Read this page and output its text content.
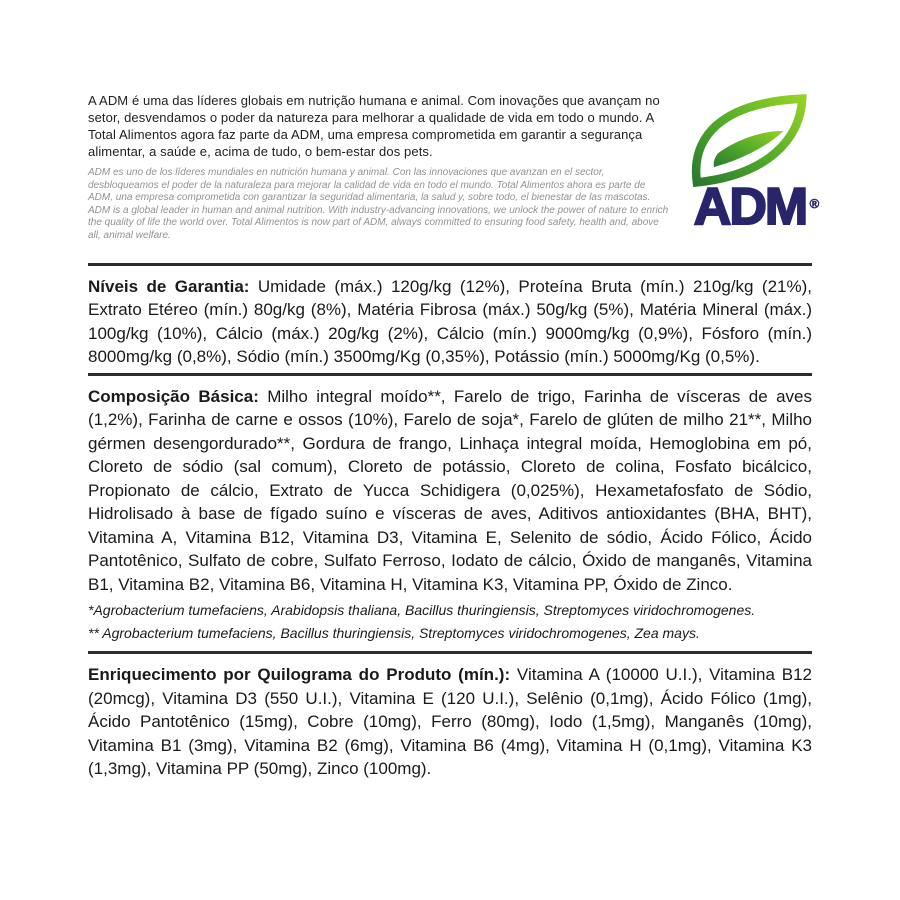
A ADM é uma das líderes globais em nutrição humana e animal. Com inovações que avançam no setor, desvendamos o poder da natureza para melhorar a qualidade de vida em todo o mundo. A Total Alimentos agora faz parte da ADM, uma empresa comprometida em garantir a segurança alimentar, a saúde e, acima de tudo, o bem-estar dos pets.

ADM es uno de los líderes mundiales en nutrición humana y animal. Con las innovaciones que avanzan en el sector, desbloqueamos el poder de la naturaleza para mejorar la calidad de vida en todo el mundo. Total Alimentos ahora es parte de ADM, una empresa comprometida con garantizar la seguridad alimentaria, la salud y, sobre todo, el bienestar de las mascotas. ADM is a global leader in human and animal nutrition. With industry-advancing innovations, we unlock the power of nature to enrich the quality of life the world over. Total Alimentos is now part of ADM, always committed to ensuring food safety, health and, above all, animal welfare.	ADM ®

Níveis de Garantia: Umidade (máx.) 120g/kg (12%), Proteína Bruta (mín.) 210g/kg (21%), Extrato Etéreo (mín.) 80g/kg (8%), Matéria Fibrosa (máx.) 50g/kg (5%), Matéria Mineral (máx.) 100g/kg (10%), Cálcio (máx.) 20g/kg (2%), Cálcio (mín.) 9000mg/kg (0,9%), Fósforo (mín.) 8000mg/kg (0,8%), Sódio (mín.) 3500mg/Kg (0,35%), Potássio (mín.) 5000mg/Kg (0,5%).

Composição Básica: Milho integral moído**, Farelo de trigo, Farinha de vísceras de aves (1,2%), Farinha de carne e ossos (10%), Farelo de soja*, Farelo de glúten de milho 21**, Milho gérmen desengordurado**, Gordura de frango, Linhaça integral moída, Hemoglobina em pó, Cloreto de sódio (sal comum), Cloreto de potássio, Cloreto de colina, Fosfato bicálcico, Propionato de cálcio, Extrato de Yucca Schidigera (0,025%), Hexametafosfato de Sódio, Hidrolisado à base de fígado suíno e vísceras de aves, Aditivos antioxidantes (BHA, BHT), Vitamina A, Vitamina B12, Vitamina D3, Vitamina E, Selenito de sódio, Ácido Fólico, Ácido Pantotênico, Sulfato de cobre, Sulfato Ferroso, Iodato de cálcio, Óxido de manganês, Vitamina B1, Vitamina B2, Vitamina B6, Vitamina H, Vitamina K3, Vitamina PP, Óxido de Zinco.

*Agrobacterium tumefaciens, Arabidopsis thaliana, Bacillus thuringiensis, Streptomyces viridochromogenes.
** Agrobacterium tumefaciens, Bacillus thuringiensis, Streptomyces viridochromogenes, Zea mays.

Enriquecimento por Quilograma do Produto (mín.): Vitamina A (10000 U.I.), Vitamina B12 (20mcg), Vitamina D3 (550 U.I.), Vitamina E (120 U.I.), Selênio (0,1mg), Ácido Fólico (1mg), Ácido Pantotênico (15mg), Cobre (10mg), Ferro (80mg), Iodo (1,5mg), Manganês (10mg), Vitamina B1 (3mg), Vitamina B2 (6mg), Vitamina B6 (4mg), Vitamina H (0,1mg), Vitamina K3 (1,3mg), Vitamina PP (50mg), Zinco (100mg).
